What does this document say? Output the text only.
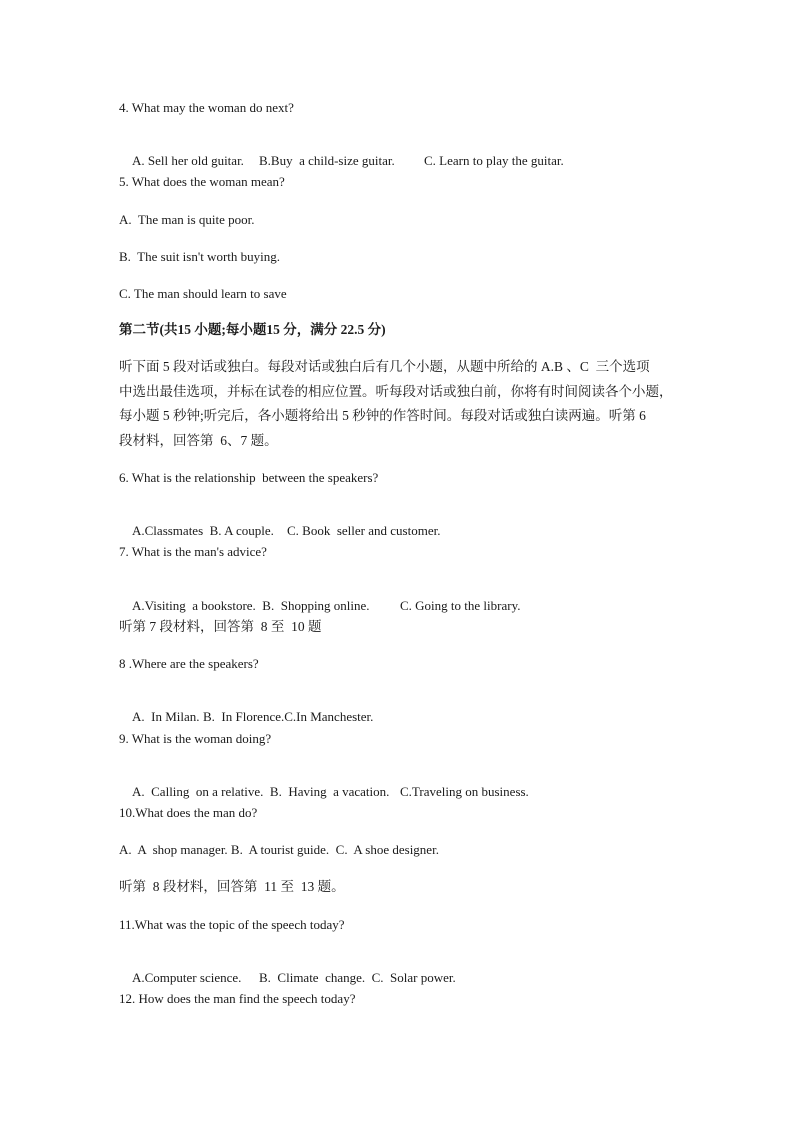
4. What may the woman do next?

A. Sell her old guitar. B.Buy  a child-size guitar. C. Learn to play the guitar.

5. What does the woman mean?
A.  The man is quite poor.
B.  The suit isn't worth buying.
C. The man should learn to save
第二节(共15 小题;每小题15 分，满分 22.5 分)
听下面 5 段对话或独白。每段对话或独白后有几个小题，从题中所给的 A.B 、C  三个选项
中选出最佳选项，并标在试卷的相应位置。听每段对话或独白前，你将有时间阅读各个小题，
每小题 5 秒钟;听完后，各小题将给出 5 秒钟的作答时间。每段对话或独白读两遍。听第 6
段材料，回答第  6、7 题。
6. What is the relationship  between the speakers?

A.Classmates  B. A couple. C. Book  seller and customer.

7. What is the man's advice?

A.Visiting  a bookstore.  B.  Shopping online. C. Going to the library.

听第 7 段材料，回答第  8 至  10 题
8 .Where are the speakers?

A.  In Milan. B.  In Florence.C.In Manchester.

9. What is the woman doing?

A.  Calling  on a relative.  B.  Having  a vacation. C.Traveling on business.

10.What does the man do?
A.  A  shop manager. B.  A tourist guide.  C.  A shoe designer.
听第  8 段材料，回答第  11 至  13 题。
11.What was the topic of the speech today?

A.Computer science. B.  Climate  change.  C.  Solar power.

12. How does the man find the speech today?
